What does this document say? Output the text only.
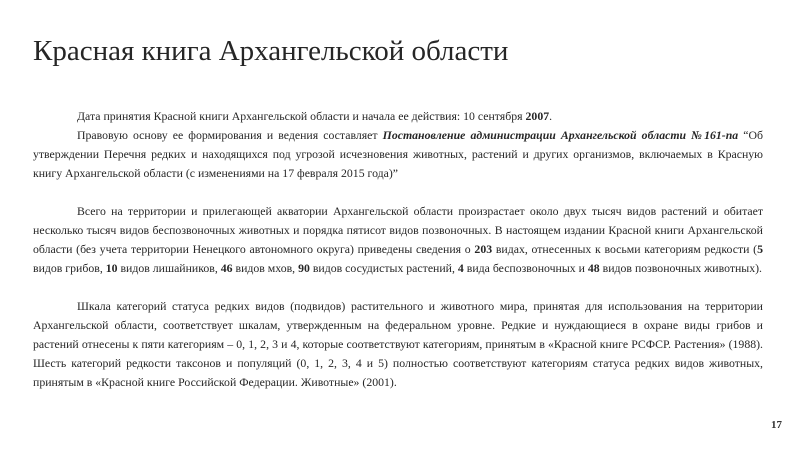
Красная книга Архангельской области

Дата принятия Красной книги Архангельской области и начала ее действия: 10 сентября 2007.

Правовую основу ее формирования и ведения составляет Постановление администрации Архангельской области №161-па “Об утверждении Перечня редких и находящихся под угрозой исчезновения животных, растений и других организмов, включаемых в Красную книгу Архангельской области (с изменениями на 17 февраля 2015 года)”

Всего на территории и прилегающей акватории Архангельской области произрастает около двух тысяч видов растений и обитает несколько тысяч видов беспозвоночных животных и порядка пятисот видов позвоночных. В настоящем издании Красной книги Архангельской области (без учета территории Ненецкого автономного округа) приведены сведения о 203 видах, отнесенных к восьми категориям редкости (5 видов грибов, 10 видов лишайников, 46 видов мхов, 90 видов сосудистых растений, 4 вида беспозвоночных и 48 видов позвоночных животных).

Шкала категорий статуса редких видов (подвидов) растительного и животного мира, принятая для использования на территории Архангельской области, соответствует шкалам, утвержденным на федеральном уровне. Редкие и нуждающиеся в охране виды грибов и растений отнесены к пяти категориям – 0, 1, 2, 3 и 4, которые соответствуют категориям, принятым в «Красной книге РСФСР. Растения» (1988). Шесть категорий редкости таксонов и популяций (0, 1, 2, 3, 4 и 5) полностью соответствуют категориям статуса редких видов животных, принятым в «Красной книге Российской Федерации. Животные» (2001).

17
